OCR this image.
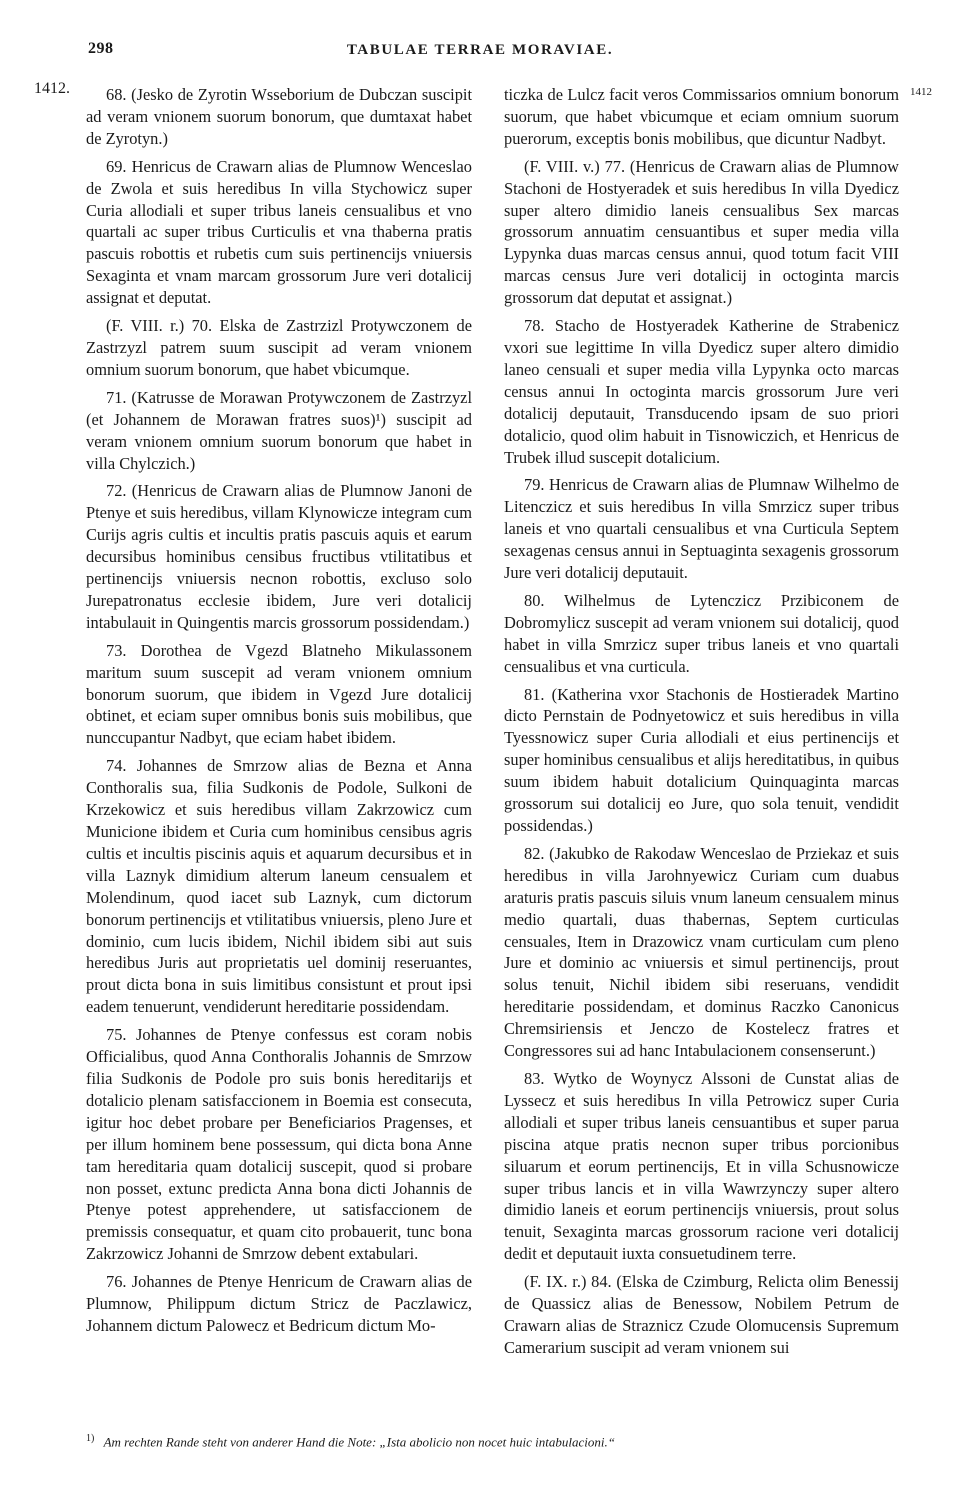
298	TABULAE TERRAE MORAVIAE.
1412.	1412

68. (Jesko de Zyrotin Wsseborium de Dubczan suscipit ad veram vnionem suorum bonorum, que dumtaxat habet de Zyrotyn.)

69. Henricus de Crawarn alias de Plumnow Wenceslao de Zwola et suis heredibus In villa Stychowicz super Curia allodiali et super tribus laneis censualibus et vno quartali ac super tribus Curticulis et vna thaberna pratis pascuis robottis et rubetis cum suis pertinencijs vniuersis Sexaginta et vnam marcam grossorum Jure veri dotalicij assignat et deputat.

(F. VIII. r.) 70. Elska de Zastrzizl Protywczonem de Zastrzyzl patrem suum suscipit ad veram vnionem omnium suorum bonorum, que habet vbicumque.

71. (Katrusse de Morawan Protywczonem de Zastrzyzl (et Johannem de Morawan fratres suos)¹) suscipit ad veram vnionem omnium suorum bonorum que habet in villa Chylczich.)

72. (Henricus de Crawarn alias de Plumnow Janoni de Ptenye et suis heredibus, villam Klynowicze integram cum Curijs agris cultis et incultis pratis pascuis aquis et earum decursibus hominibus censibus fructibus vtilitatibus et pertinencijs vniuersis necnon robottis, excluso solo Jurepatronatus ecclesie ibidem, Jure veri dotalicij intabulauit in Quingentis marcis grossorum possidendam.)

73. Dorothea de Vgezd Blatneho Mikulassonem maritum suum suscepit ad veram vnionem omnium bonorum suorum, que ibidem in Vgezd Jure dotalicij obtinet, et eciam super omnibus bonis suis mobilibus, que nunccupantur Nadbyt, que eciam habet ibidem.

74. Johannes de Smrzow alias de Bezna et Anna Conthoralis sua, filia Sudkonis de Podole, Sulkoni de Krzekowicz et suis heredibus villam Zakrzowicz cum Municione ibidem et Curia cum hominibus censibus agris cultis et incultis piscinis aquis et aquarum decursibus et in villa Laznyk dimidium alterum laneum censualem et Molendinum, quod iacet sub Laznyk, cum dictorum bonorum pertinencijs et vtilitatibus vniuersis, pleno Jure et dominio, cum lucis ibidem, Nichil ibidem sibi aut suis heredibus Juris aut proprietatis uel dominij reseruantes, prout dicta bona in suis limitibus consistunt et prout ipsi eadem tenuerunt, vendiderunt hereditarie possidendam.

75. Johannes de Ptenye confessus est coram nobis Officialibus, quod Anna Conthoralis Johannis de Smrzow filia Sudkonis de Podole pro suis bonis hereditarijs et dotalicio plenam satisfaccionem in Boemia est consecuta, igitur hoc debet probare per Beneficiarios Pragenses, et per illum hominem bene possessum, qui dicta bona Anne tam hereditaria quam dotalicij suscepit, quod si probare non posset, extunc predicta Anna bona dicti Johannis de Ptenye potest apprehendere, ut satisfaccionem de premissis consequatur, et quam cito probauerit, tunc bona Zakrzowicz Johanni de Smrzow debent extabulari.

76. Johannes de Ptenye Henricum de Crawarn alias de Plumnow, Philippum dictum Stricz de Paczlawicz, Johannem dictum Palowecz et Bedricum dictum Mo-

ticzka de Lulcz facit veros Commissarios omnium bonorum suorum, que habet vbicumque et eciam omnium suorum puerorum, exceptis bonis mobilibus, que dicuntur Nadbyt.

(F. VIII. v.) 77. (Henricus de Crawarn alias de Plumnow Stachoni de Hostyeradek et suis heredibus In villa Dyedicz super altero dimidio laneis censualibus Sex marcas grossorum annuatim censuantibus et super media villa Lypynka duas marcas census annui, quod totum facit VIII marcas census Jure veri dotalicij in octoginta marcis grossorum dat deputat et assignat.)

78. Stacho de Hostyeradek Katherine de Strabenicz vxori sue legittime In villa Dyedicz super altero dimidio laneo censuali et super media villa Lypynka octo marcas census annui In octoginta marcis grossorum Jure veri dotalicij deputauit, Transducendo ipsam de suo priori dotalicio, quod olim habuit in Tisnowiczich, et Henricus de Trubek illud suscepit dotalicium.

79. Henricus de Crawarn alias de Plumnaw Wilhelmo de Litenczicz et suis heredibus In villa Smrzicz super tribus laneis et vno quartali censualibus et vna Curticula Septem sexagenas census annui in Septuaginta sexagenis grossorum Jure veri dotalicij deputauit.

80. Wilhelmus de Lytenczicz Przibiconem de Dobromylicz suscepit ad veram vnionem sui dotalicij, quod habet in villa Smrzicz super tribus laneis et vno quartali censualibus et vna curticula.

81. (Katherina vxor Stachonis de Hostieradek Martino dicto Pernstain de Podnyetowicz et suis heredibus in villa Tyessnowicz super Curia allodiali et eius pertinencijs et super hominibus censualibus et alijs hereditatibus, in quibus suum ibidem habuit dotalicium Quinquaginta marcas grossorum sui dotalicij eo Jure, quo sola tenuit, vendidit possidendas.)

82. (Jakubko de Rakodaw Wenceslao de Prziekaz et suis heredibus in villa Jarohnyewicz Curiam cum duabus araturis pratis pascuis siluis vnum laneum censualem minus medio quartali, duas thabernas, Septem curticulas censuales, Item in Drazowicz vnam curticulam cum pleno Jure et dominio ac vniuersis et simul pertinencijs, prout solus tenuit, Nichil ibidem sibi reseruans, vendidit hereditarie possidendam, et dominus Raczko Canonicus Chremsiriensis et Jenczo de Kostelecz fratres et Congressores sui ad hanc Intabulacionem consenserunt.)

83. Wytko de Woynycz Alssoni de Cunstat alias de Lyssecz et suis heredibus In villa Petrowicz super Curia allodiali et super tribus laneis censuantibus et super parua piscina atque pratis necnon super tribus porcionibus siluarum et eorum pertinencijs, Et in villa Schusnowicze super tribus lancis et in villa Wawrzynczy super altero dimidio laneis et eorum pertinencijs vniuersis, prout solus tenuit, Sexaginta marcas grossorum racione veri dotalicij dedit et deputauit iuxta consuetudinem terre.

(F. IX. r.) 84. (Elska de Czimburg, Relicta olim Benessij de Quassicz alias de Benessow, Nobilem Petrum de Crawarn alias de Straznicz Czude Olomucensis Supremum Camerarium suscipit ad veram vnionem sui

$^{1)}$ Am rechten Rande steht von anderer Hand die Note: „Ista abolicio non nocet huic intabulacioni.“
